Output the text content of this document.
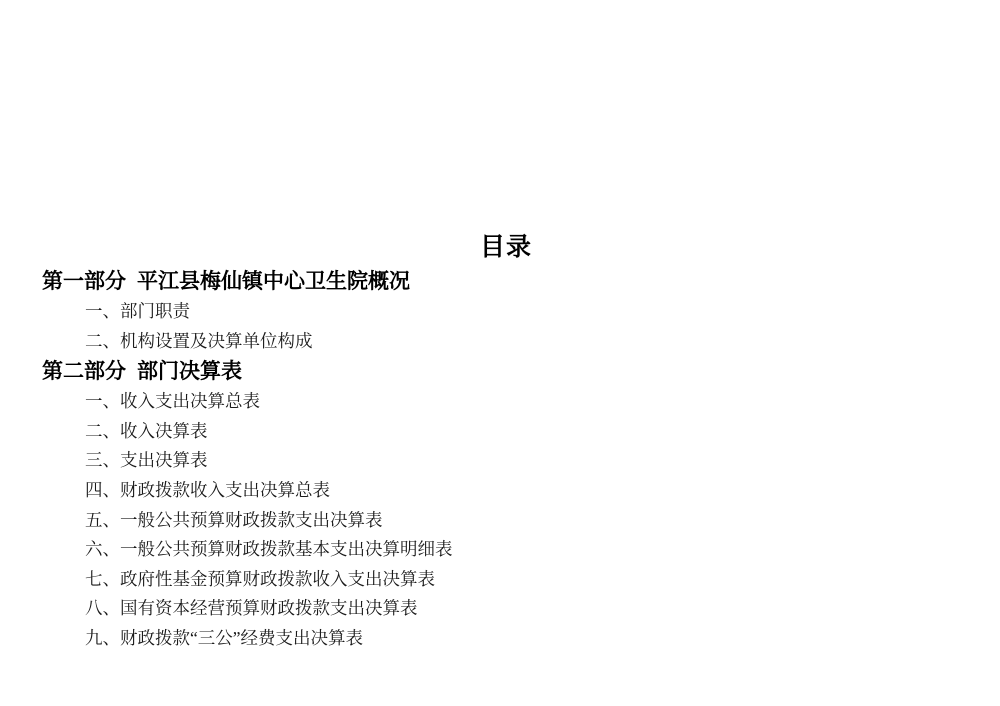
目录
第一部分 平江县梅仙镇中心卫生院概况
一、部门职责
二、机构设置及决算单位构成
第二部分 部门决算表
一、收入支出决算总表
二、收入决算表
三、支出决算表
四、财政拨款收入支出决算总表
五、一般公共预算财政拨款支出决算表
六、一般公共预算财政拨款基本支出决算明细表
七、政府性基金预算财政拨款收入支出决算表
八、国有资本经营预算财政拨款支出决算表
九、财政拨款“三公”经费支出决算表
